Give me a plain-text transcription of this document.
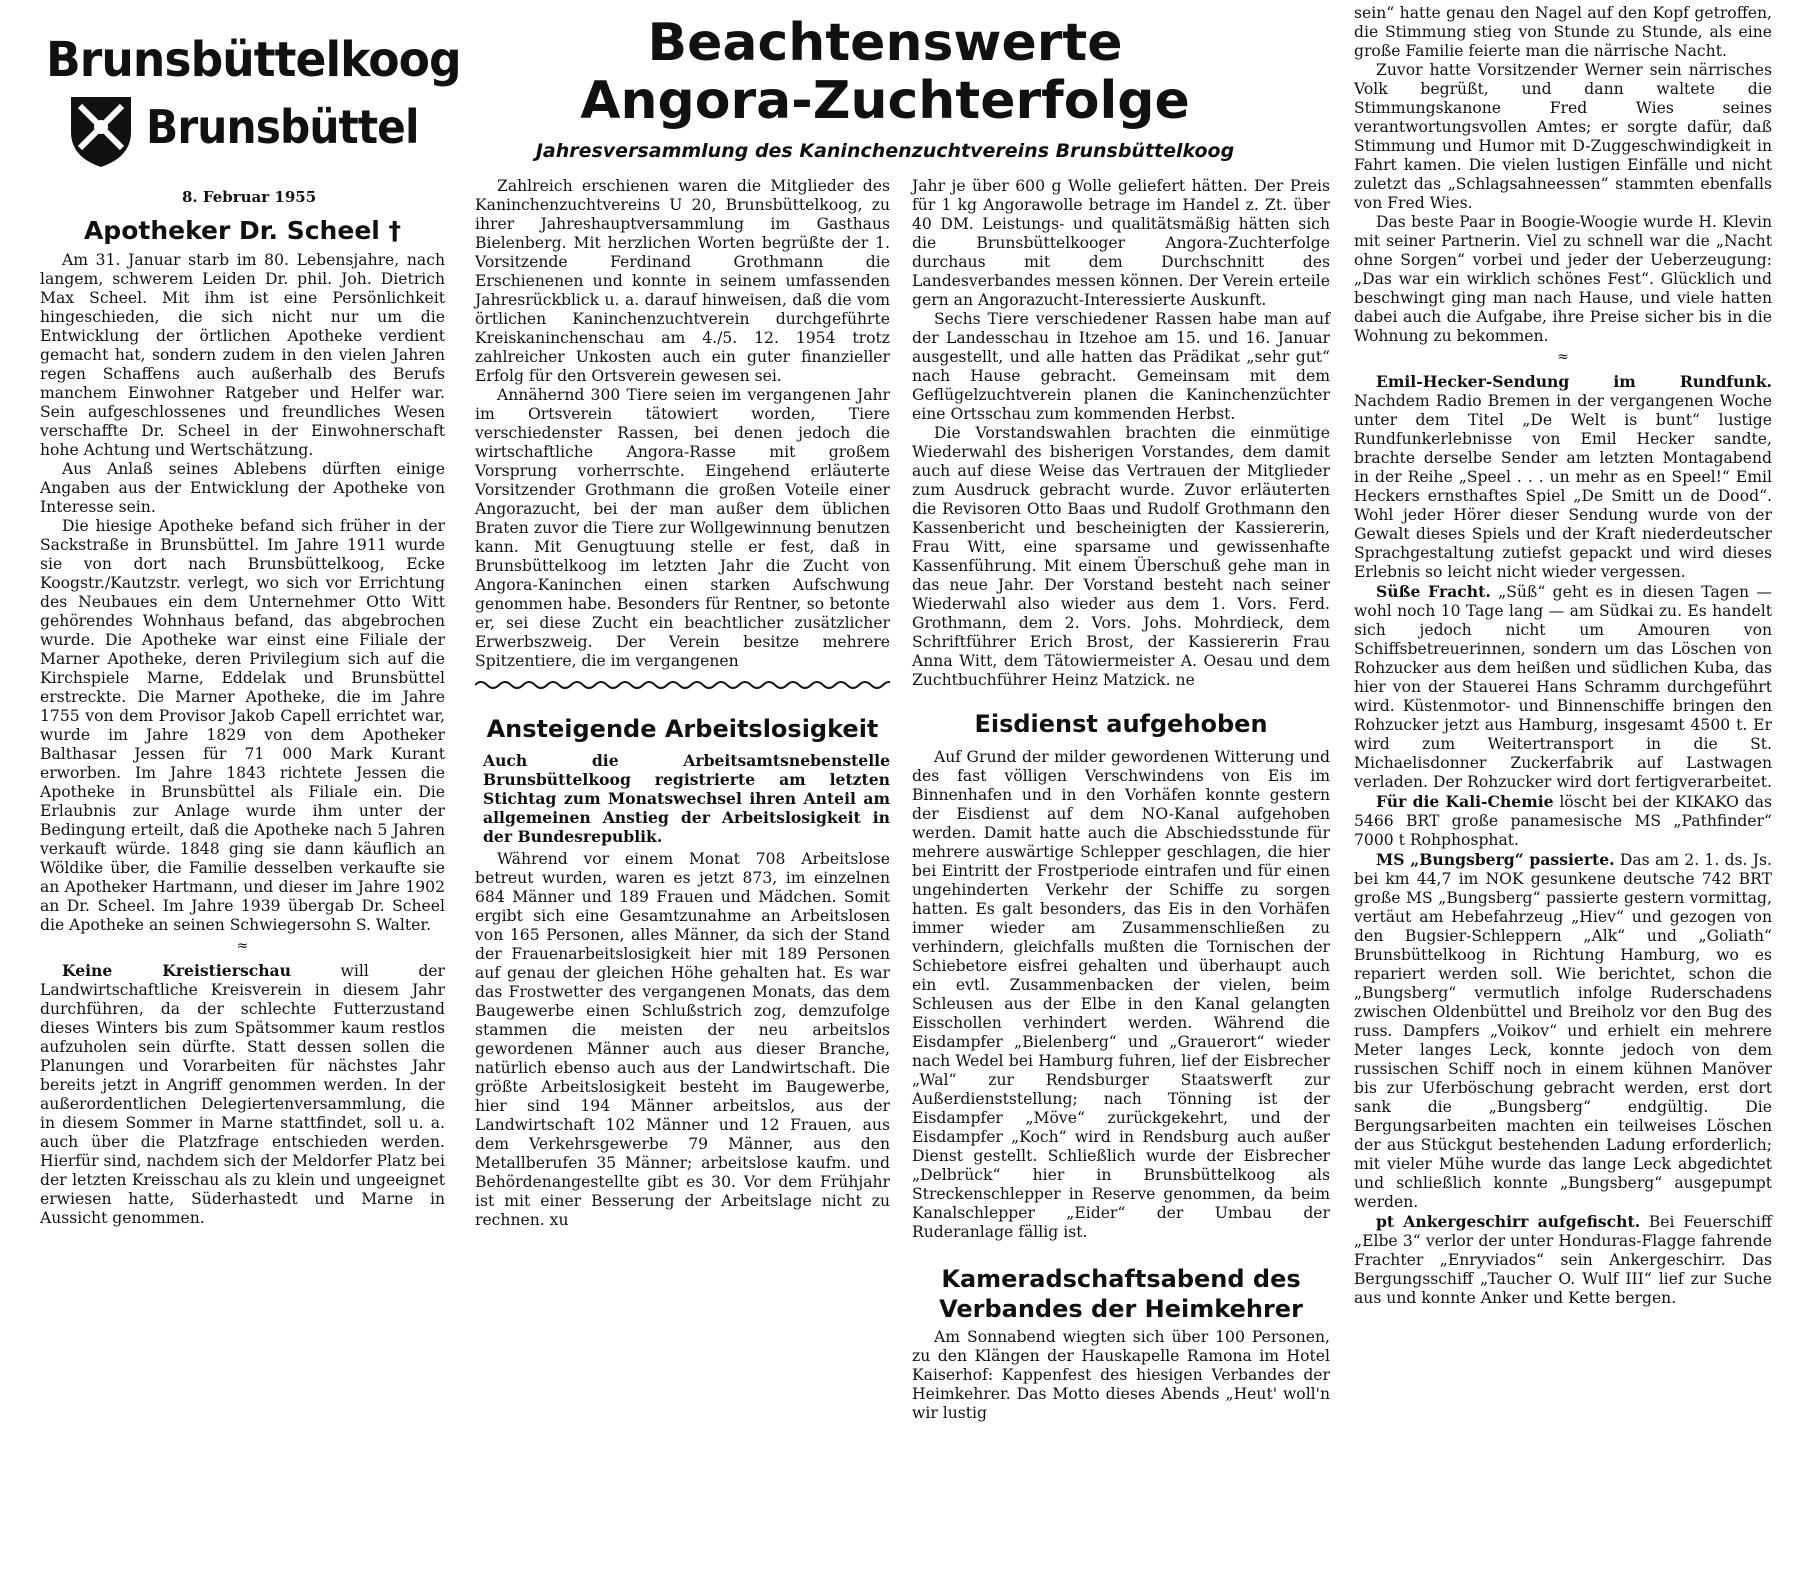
Brunsbüttelkoog
Brunsbüttel
8. Februar 1955
Apotheker Dr. Scheel †

Am 31. Januar starb im 80. Lebensjahre, nach langem, schwerem Leiden Dr. phil. Joh. Dietrich Max Scheel. Mit ihm ist eine Persönlichkeit hingeschieden, die sich nicht nur um die Entwicklung der örtlichen Apotheke verdient gemacht hat, sondern zudem in den vielen Jahren regen Schaffens auch außerhalb des Berufs manchem Einwohner Ratgeber und Helfer war. Sein aufgeschlossenes und freundliches Wesen verschaffte Dr. Scheel in der Einwohnerschaft hohe Achtung und Wertschätzung.

Aus Anlaß seines Ablebens dürften einige Angaben aus der Entwicklung der Apotheke von Interesse sein.

Die hiesige Apotheke befand sich früher in der Sackstraße in Brunsbüttel. Im Jahre 1911 wurde sie von dort nach Brunsbüttelkoog, Ecke Koogstr./Kautzstr. verlegt, wo sich vor Errichtung des Neubaues ein dem Unternehmer Otto Witt gehörendes Wohnhaus befand, das abgebrochen wurde. Die Apotheke war einst eine Filiale der Marner Apotheke, deren Privilegium sich auf die Kirchspiele Marne, Eddelak und Brunsbüttel erstreckte. Die Marner Apotheke, die im Jahre 1755 von dem Provisor Jakob Capell errichtet war, wurde im Jahre 1829 von dem Apotheker Balthasar Jessen für 71 000 Mark Kurant erworben. Im Jahre 1843 richtete Jessen die Apotheke in Brunsbüttel als Filiale ein. Die Erlaubnis zur Anlage wurde ihm unter der Bedingung erteilt, daß die Apotheke nach 5 Jahren verkauft würde. 1848 ging sie dann käuflich an Wöldike über, die Familie desselben verkaufte sie an Apotheker Hartmann, und dieser im Jahre 1902 an Dr. Scheel. Im Jahre 1939 übergab Dr. Scheel die Apotheke an seinen Schwiegersohn S. Walter.

≈

Keine Kreistierschau	will der Landwirtschaftliche Kreisverein in diesem Jahr durchführen, da der schlechte Futterzustand dieses Winters bis zum Spätsommer kaum restlos aufzuholen sein dürfte. Statt dessen sollen die Planungen und Vorarbeiten für nächstes Jahr bereits jetzt in Angriff genommen werden. In der außerordentlichen Delegiertenversammlung, die in diesem Sommer in Marne stattfindet, soll u. a. auch über die Platzfrage entschieden werden. Hierfür sind, nachdem sich der Meldorfer Platz bei der letzten Kreisschau als zu klein und ungeeignet erwiesen hatte, Süderhastedt und Marne in Aussicht genommen.

Beachtenswerte
Angora-Zuchterfolge
Jahresversammlung des Kaninchenzuchtvereins Brunsbüttelkoog

Zahlreich erschienen waren die Mitglieder des Kaninchenzuchtvereins U 20, Brunsbüttelkoog, zu ihrer Jahreshauptversammlung im Gasthaus Bielenberg. Mit herzlichen Worten begrüßte der 1. Vorsitzende Ferdinand Grothmann die Erschienenen und konnte in seinem umfassenden Jahresrückblick u. a. darauf hinweisen, daß die vom örtlichen Kaninchenzuchtverein durchgeführte Kreiskaninchenschau am 4./5. 12. 1954 trotz zahlreicher Unkosten auch ein guter finanzieller Erfolg für den Ortsverein gewesen sei.

Annähernd 300 Tiere seien im vergangenen Jahr im Ortsverein tätowiert worden, Tiere verschiedenster Rassen, bei denen jedoch die wirtschaftliche Angora-Rasse mit großem Vorsprung vorherrschte. Eingehend erläuterte Vorsitzender Grothmann die großen Voteile einer Angorazucht, bei der man außer dem üblichen Braten zuvor die Tiere zur Wollgewinnung benutzen kann. Mit Genugtuung stelle er fest, daß in Brunsbüttelkoog im letzten Jahr die Zucht von Angora-Kaninchen einen starken Aufschwung genommen habe. Besonders für Rentner, so betonte er, sei diese Zucht ein beachtlicher zusätzlicher Erwerbszweig. Der Verein besitze mehrere Spitzentiere, die im vergangenen

Ansteigende Arbeitslosigkeit

Auch die Arbeitsamtsnebenstelle Brunsbüttelkoog registrierte am letzten Stichtag zum Monatswechsel ihren Anteil am allgemeinen Anstieg der Arbeitslosigkeit in der Bundesrepublik.

Während vor einem Monat 708 Arbeitslose betreut wurden, waren es jetzt 873, im einzelnen 684 Männer und 189 Frauen und Mädchen. Somit ergibt sich eine Gesamtzunahme an Arbeitslosen von 165 Personen, alles Männer, da sich der Stand der Frauenarbeitslosigkeit hier mit 189 Personen auf genau der gleichen Höhe gehalten hat. Es war das Frostwetter des vergangenen Monats, das dem Baugewerbe einen Schlußstrich zog, demzufolge stammen die meisten der neu arbeitslos gewordenen Männer auch aus dieser Branche, natürlich ebenso auch aus der Landwirtschaft. Die größte Arbeitslosigkeit besteht im Baugewerbe, hier sind 194 Männer arbeitslos, aus der Landwirtschaft 102 Männer und 12 Frauen, aus dem Verkehrsgewerbe 79 Männer, aus den Metallberufen 35 Männer; arbeitslose kaufm. und Behördenangestellte gibt es 30. Vor dem Frühjahr ist mit einer Besserung der Arbeitslage nicht zu rechnen. xu

Jahr je über 600 g Wolle geliefert hätten. Der Preis für 1 kg Angorawolle betrage im Handel z. Zt. über 40 DM. Leistungs- und qualitätsmäßig hätten sich die Brunsbüttelkooger Angora-Zuchterfolge durchaus mit dem Durchschnitt des Landesverbandes messen können. Der Verein erteile gern an Angorazucht-Interessierte Auskunft.

Sechs Tiere verschiedener Rassen habe man auf der Landesschau in Itzehoe am 15. und 16. Januar ausgestellt, und alle hatten das Prädikat „sehr gut“ nach Hause gebracht. Gemeinsam mit dem Geflügelzuchtverein planen die Kaninchenzüchter eine Ortsschau zum kommenden Herbst.

Die Vorstandswahlen brachten die einmütige Wiederwahl des bisherigen Vorstandes, dem damit auch auf diese Weise das Vertrauen der Mitglieder zum Ausdruck gebracht wurde. Zuvor erläuterten die Revisoren Otto Baas und Rudolf Grothmann den Kassenbericht und bescheinigten der Kassiererin, Frau Witt, eine sparsame und gewissenhafte Kassenführung. Mit einem Überschuß gehe man in das neue Jahr. Der Vorstand besteht nach seiner Wiederwahl also wieder aus dem 1. Vors. Ferd. Grothmann, dem 2. Vors. Johs. Mohrdieck, dem Schriftführer Erich Brost, der Kassiererin Frau Anna Witt, dem Tätowiermeister A. Oesau und dem Zuchtbuchführer Heinz Matzick. ne

Eisdienst aufgehoben

Auf Grund der milder gewordenen Witterung und des fast völligen Verschwindens von Eis im Binnenhafen und in den Vorhäfen konnte gestern der Eisdienst auf dem NO-Kanal aufgehoben werden. Damit hatte auch die Abschiedsstunde für mehrere auswärtige Schlepper geschlagen, die hier bei Eintritt der Frostperiode eintrafen und für einen ungehinderten Verkehr der Schiffe zu sorgen hatten. Es galt besonders, das Eis in den Vorhäfen immer wieder am Zusammenschließen zu verhindern, gleichfalls mußten die Tornischen der Schiebetore eisfrei gehalten und überhaupt auch ein evtl. Zusammenbacken der vielen, beim Schleusen aus der Elbe in den Kanal gelangten Eisschollen verhindert werden. Während die Eisdampfer „Bielenberg“ und „Grauerort“ wieder nach Wedel bei Hamburg fuhren, lief der Eisbrecher „Wal“ zur Rendsburger Staatswerft zur Außerdienststellung; nach Tönning ist der Eisdampfer „Möve“ zurückgekehrt, und der Eisdampfer „Koch“ wird in Rendsburg auch außer Dienst gestellt. Schließlich wurde der Eisbrecher „Delbrück“ hier in Brunsbüttelkoog als Streckenschlepper in Reserve genommen, da beim Kanalschlepper „Eider“ der Umbau der Ruderanlage fällig ist.

Kameradschaftsabend des
Verbandes der Heimkehrer

Am Sonnabend wiegten sich über 100 Personen, zu den Klängen der Hauskapelle Ramona im Hotel Kaiserhof: Kappenfest des hiesigen Verbandes der Heimkehrer. Das Motto dieses Abends „Heut' woll'n wir lustig

sein“ hatte genau den Nagel auf den Kopf getroffen, die Stimmung stieg von Stunde zu Stunde, als eine große Familie feierte man die närrische Nacht.

Zuvor hatte Vorsitzender Werner sein närrisches Volk begrüßt, und dann waltete die Stimmungskanone Fred Wies seines verantwortungsvollen Amtes; er sorgte dafür, daß Stimmung und Humor mit D-Zuggeschwindigkeit in Fahrt kamen. Die vielen lustigen Einfälle und nicht zuletzt das „Schlagsahneessen“ stammten ebenfalls von Fred Wies.

Das beste Paar in Boogie-Woogie wurde H. Klevin mit seiner Partnerin. Viel zu schnell war die „Nacht ohne Sorgen“ vorbei und jeder der Ueberzeugung: „Das war ein wirklich schönes Fest“. Glücklich und beschwingt ging man nach Hause, und viele hatten dabei auch die Aufgabe, ihre Preise sicher bis in die Wohnung zu bekommen.

≈

Emil-Hecker-Sendung im Rundfunk. Nachdem Radio Bremen in der vergangenen Woche unter dem Titel „De Welt is bunt“ lustige Rundfunkerlebnisse von Emil Hecker sandte, brachte derselbe Sender am letzten Montagabend in der Reihe „Speel . . . un mehr as en Speel!“ Emil Heckers ernsthaftes Spiel „De Smitt un de Dood“. Wohl jeder Hörer dieser Sendung wurde von der Gewalt dieses Spiels und der Kraft niederdeutscher Sprachgestaltung zutiefst gepackt und wird dieses Erlebnis so leicht nicht wieder vergessen.

Süße Fracht. „Süß“ geht es in diesen Tagen — wohl noch 10 Tage lang — am Südkai zu. Es handelt sich jedoch nicht um Amouren von Schiffsbetreuerinnen, sondern um das Löschen von Rohzucker aus dem heißen und südlichen Kuba, das hier von der Stauerei Hans Schramm durchgeführt wird. Küstenmotor- und Binnenschiffe bringen den Rohzucker jetzt aus Hamburg, insgesamt 4500 t. Er wird zum Weitertransport in die St. Michaelisdonner Zuckerfabrik auf Lastwagen verladen. Der Rohzucker wird dort fertigverarbeitet.

Für die Kali-Chemie löscht bei der KIKAKO das 5466 BRT große panamesische MS „Pathfinder“ 7000 t Rohphosphat.

MS „Bungsberg“ passierte. Das am 2. 1. ds. Js. bei km 44,7 im NOK gesunkene deutsche 742 BRT große MS „Bungsberg“ passierte gestern vormittag, vertäut am Hebefahrzeug „Hiev“ und gezogen von den Bugsier-Schleppern „Alk“ und „Goliath“ Brunsbüttelkoog in Richtung Hamburg, wo es repariert werden soll. Wie berichtet, schon die „Bungsberg“ vermutlich infolge Ruderschadens zwischen Oldenbüttel und Breiholz vor den Bug des russ. Dampfers „Voikov“ und erhielt ein mehrere Meter langes Leck, konnte jedoch von dem russischen Schiff noch in einem kühnen Manöver bis zur Uferböschung gebracht werden, erst dort sank die „Bungsberg“ endgültig. Die Bergungsarbeiten machten ein teilweises Löschen der aus Stückgut bestehenden Ladung erforderlich; mit vieler Mühe wurde das lange Leck abgedichtet und schließlich konnte „Bungsberg“ ausgepumpt werden.

pt Ankergeschirr aufgefischt. Bei Feuerschiff „Elbe 3“ verlor der unter Honduras-Flagge fahrende Frachter „Enryviados“ sein Ankergeschirr. Das Bergungsschiff „Taucher O. Wulf III“ lief zur Suche aus und konnte Anker und Kette bergen.
